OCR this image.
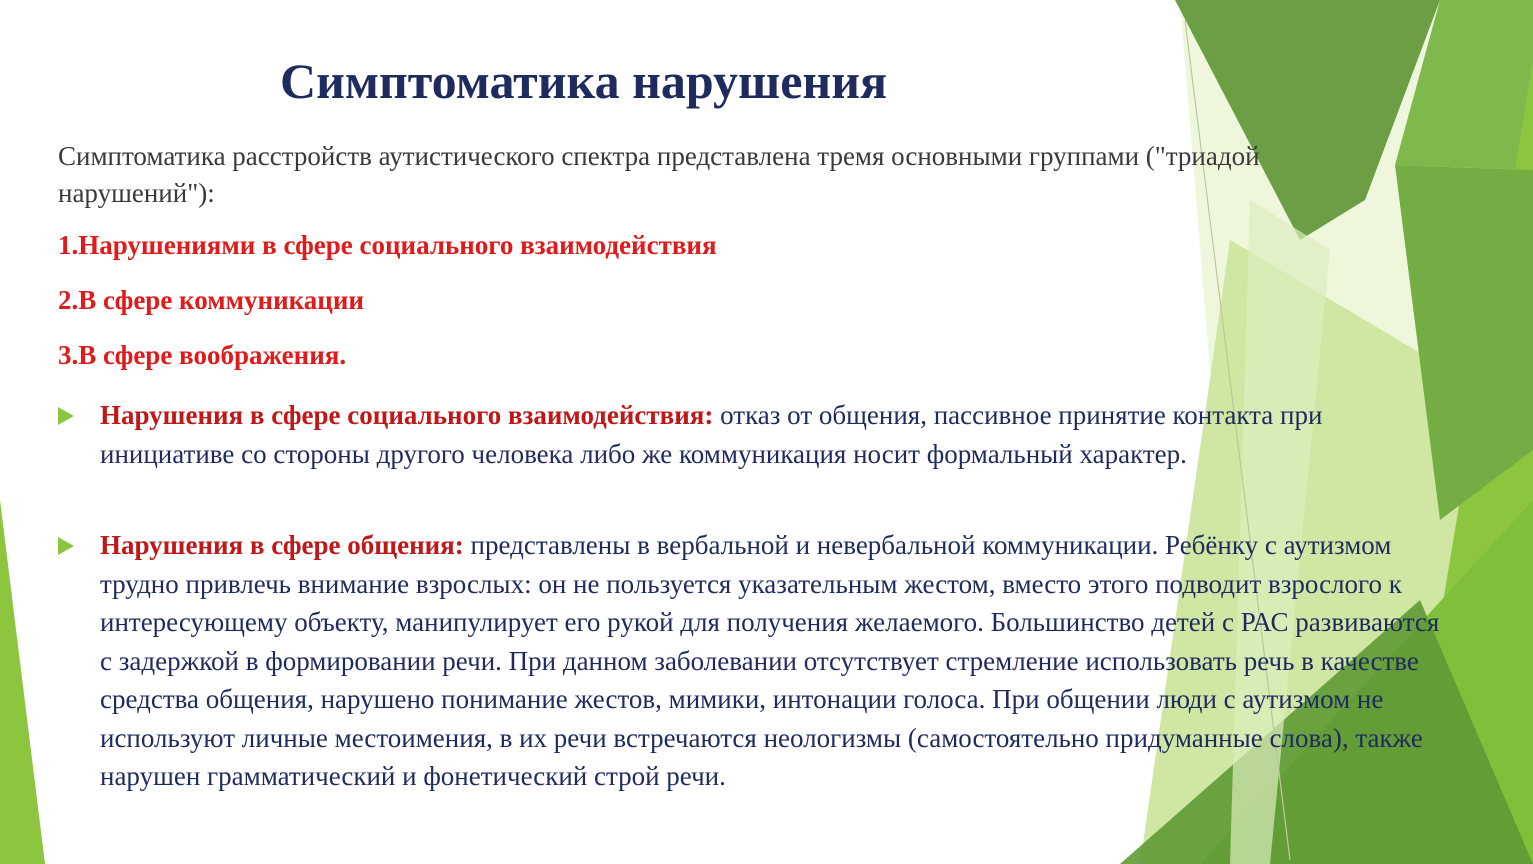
Симптоматика нарушения

Симптоматика расстройств аутистического спектра представлена тремя основными группами ("триадой нарушений"):

1.Нарушениями в сфере социального взаимодействия

2.В сфере коммуникации

3.В сфере воображения.

Нарушения в сфере социального взаимодействия: отказ от общения, пассивное принятие контакта при инициативе со стороны другого человека либо же коммуникация носит формальный характер.

Нарушения в сфере общения: представлены в вербальной и невербальной коммуникации. Ребёнку с аутизмом трудно привлечь внимание взрослых: он не пользуется указательным жестом, вместо этого подводит взрослого к интересующему объекту, манипулирует его рукой для получения желаемого. Большинство детей с РАС развиваются с задержкой в формировании речи. При данном заболевании отсутствует стремление использовать речь в качестве средства общения, нарушено понимание жестов, мимики, интонации голоса. При общении люди с аутизмом не используют личные местоимения, в их речи встречаются неологизмы (самостоятельно придуманные слова), также нарушен грамматический и фонетический строй речи.
